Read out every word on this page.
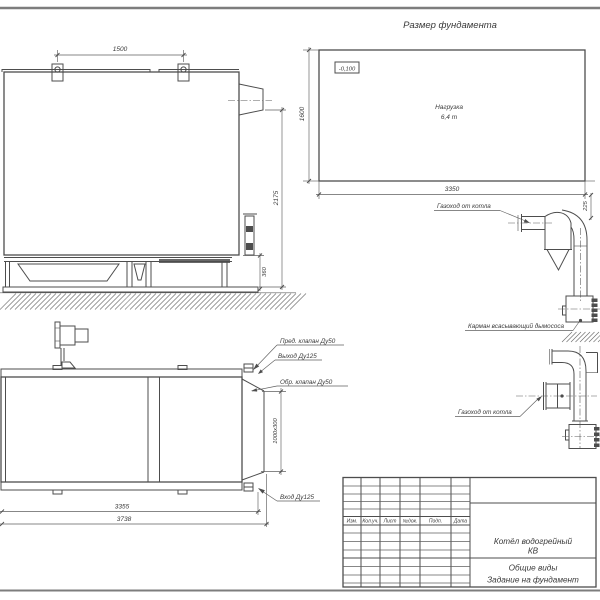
Размер фундамента
-0,100
Нагрузка
6,4 т
1600
3350
225
1500
2175
360
Пред. клапан Ду50
Выход Ду125
Обр. клапан Ду50
Вход Ду125
1000х300
3355
3738
Газоход от котла
Карман всасывающий дымососа
Газоход от котла
Изм. Кол.уч. Лист №док. Подп. Дата
Котёл водогрейный
КВ
Общие виды
Задание на фундамент
